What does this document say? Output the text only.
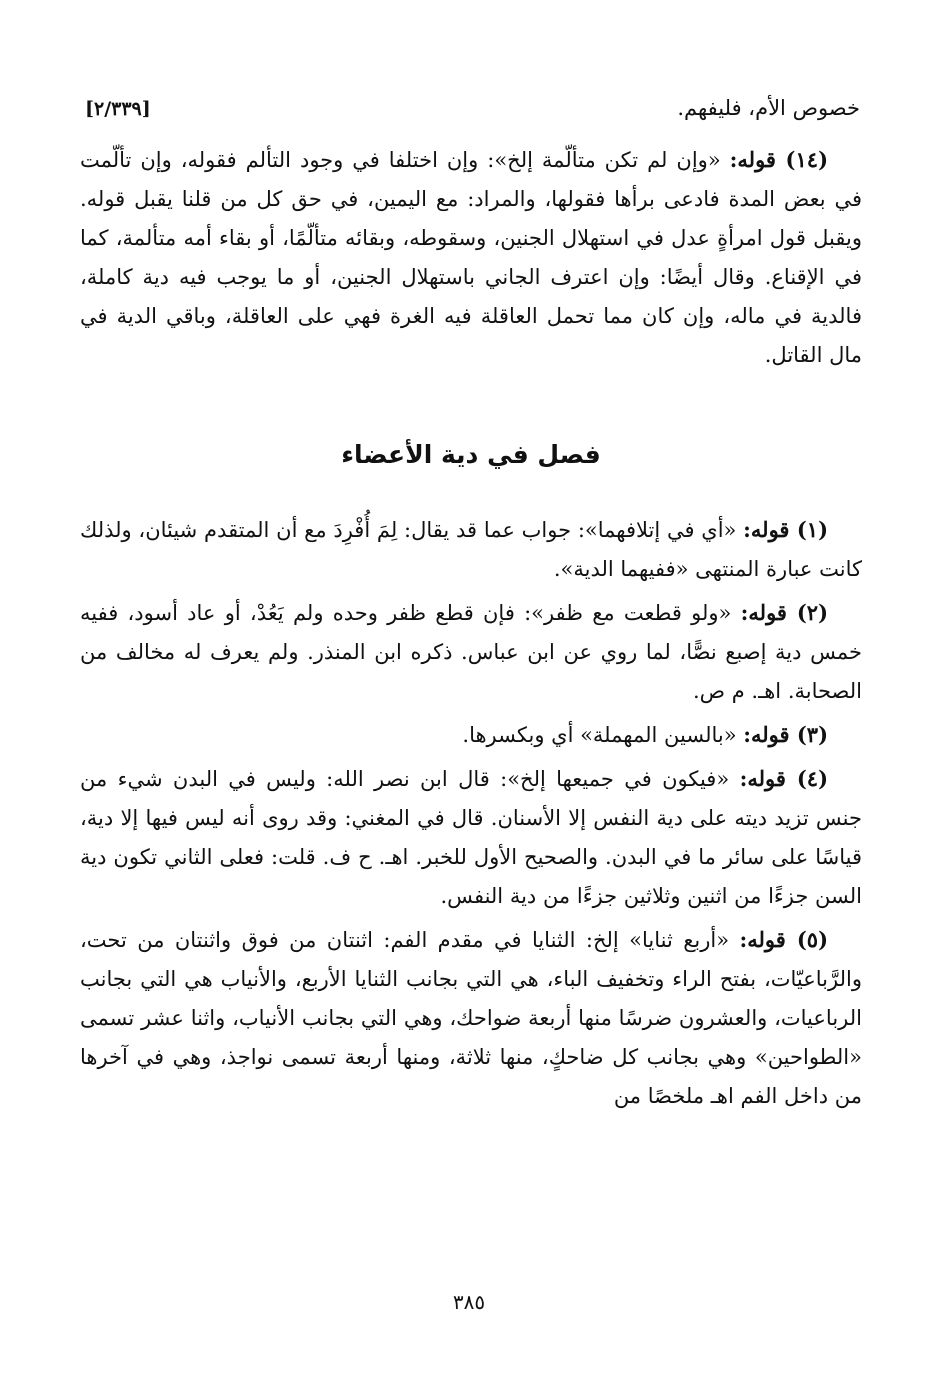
[٢/٣٣٩]	خصوص الأم، فليفهم.

(١٤) قوله: «وإن لم تكن متألّمة إلخ»: وإن اختلفا في وجود التألم فقوله، وإن تألّمت في بعض المدة فادعى برأها فقولها، والمراد: مع اليمين، في حق كل من قلنا يقبل قوله. ويقبل قول امرأةٍ عدل في استهلال الجنين، وسقوطه، وبقائه متألّمًا، أو بقاء أمه متألمة، كما في الإقناع. وقال أيضًا: وإن اعترف الجاني باستهلال الجنين، أو ما يوجب فيه دية كاملة، فالدية في ماله، وإن كان مما تحمل العاقلة فيه الغرة فهي على العاقلة، وباقي الدية في مال القاتل.

فصل في دية الأعضاء

(١) قوله: «أي في إتلافهما»: جواب عما قد يقال: لِمَ أُفْرِدَ مع أن المتقدم شيئان، ولذلك كانت عبارة المنتهى «ففيهما الدية».

(٢) قوله: «ولو قطعت مع ظفر»: فإن قطع ظفر وحده ولم يَعُدْ، أو عاد أسود، ففيه خمس دية إصبع نصًّا، لما روي عن ابن عباس. ذكره ابن المنذر. ولم يعرف له مخالف من الصحابة. اهـ. م ص.

(٣) قوله: «بالسين المهملة» أي وبكسرها.

(٤) قوله: «فيكون في جميعها إلخ»: قال ابن نصر الله: وليس في البدن شيء من جنس تزيد ديته على دية النفس إلا الأسنان. قال في المغني: وقد روى أنه ليس فيها إلا دية، قياسًا على سائر ما في البدن. والصحيح الأول للخبر. اهـ. ح ف. قلت: فعلى الثاني تكون دية السن جزءًا من اثنين وثلاثين جزءًا من دية النفس.

(٥) قوله: «أربع ثنايا» إلخ: الثنايا في مقدم الفم: اثنتان من فوق واثنتان من تحت، والرَّباعيّات، بفتح الراء وتخفيف الباء، هي التي بجانب الثنايا الأربع، والأنياب هي التي بجانب الرباعيات، والعشرون ضرسًا منها أربعة ضواحك، وهي التي بجانب الأنياب، واثنا عشر تسمى «الطواحين» وهي بجانب كل ضاحكٍ، منها ثلاثة، ومنها أربعة تسمى نواجذ، وهي في آخرها من داخل الفم اهـ ملخصًا من

٣٨٥
